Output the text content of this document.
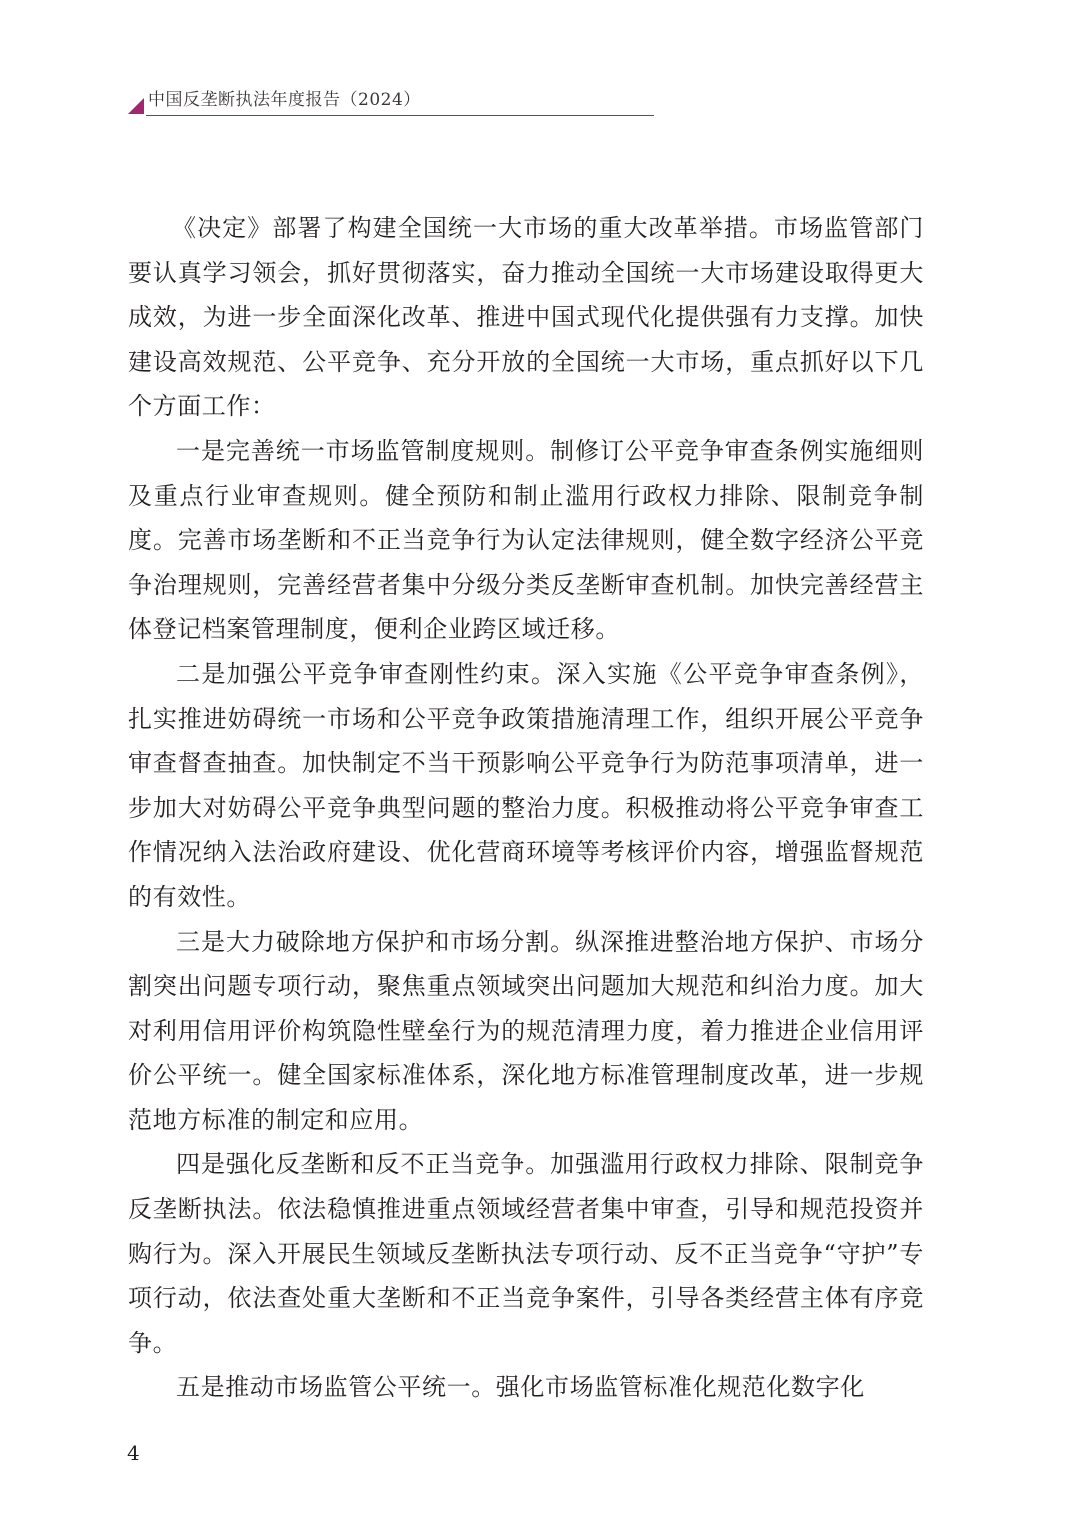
中国反垄断执法年度报告（2024）

《决定》部署了构建全国统一大市场的重大改革举措。市场监管部门要认真学习领会，抓好贯彻落实，奋力推动全国统一大市场建设取得更大成效，为进一步全面深化改革、推进中国式现代化提供强有力支撑。加快建设高效规范、公平竞争、充分开放的全国统一大市场，重点抓好以下几个方面工作：

一是完善统一市场监管制度规则。制修订公平竞争审查条例实施细则及重点行业审查规则。健全预防和制止滥用行政权力排除、限制竞争制度。完善市场垄断和不正当竞争行为认定法律规则，健全数字经济公平竞争治理规则，完善经营者集中分级分类反垄断审查机制。加快完善经营主体登记档案管理制度，便利企业跨区域迁移。

二是加强公平竞争审查刚性约束。深入实施《公平竞争审查条例》，扎实推进妨碍统一市场和公平竞争政策措施清理工作，组织开展公平竞争审查督查抽查。加快制定不当干预影响公平竞争行为防范事项清单，进一步加大对妨碍公平竞争典型问题的整治力度。积极推动将公平竞争审查工作情况纳入法治政府建设、优化营商环境等考核评价内容，增强监督规范的有效性。

三是大力破除地方保护和市场分割。纵深推进整治地方保护、市场分割突出问题专项行动，聚焦重点领域突出问题加大规范和纠治力度。加大对利用信用评价构筑隐性壁垒行为的规范清理力度，着力推进企业信用评价公平统一。健全国家标准体系，深化地方标准管理制度改革，进一步规范地方标准的制定和应用。

四是强化反垄断和反不正当竞争。加强滥用行政权力排除、限制竞争反垄断执法。依法稳慎推进重点领域经营者集中审查，引导和规范投资并购行为。深入开展民生领域反垄断执法专项行动、反不正当竞争“守护”专项行动，依法查处重大垄断和不正当竞争案件，引导各类经营主体有序竞争。

五是推动市场监管公平统一。强化市场监管标准化规范化数字化

4
